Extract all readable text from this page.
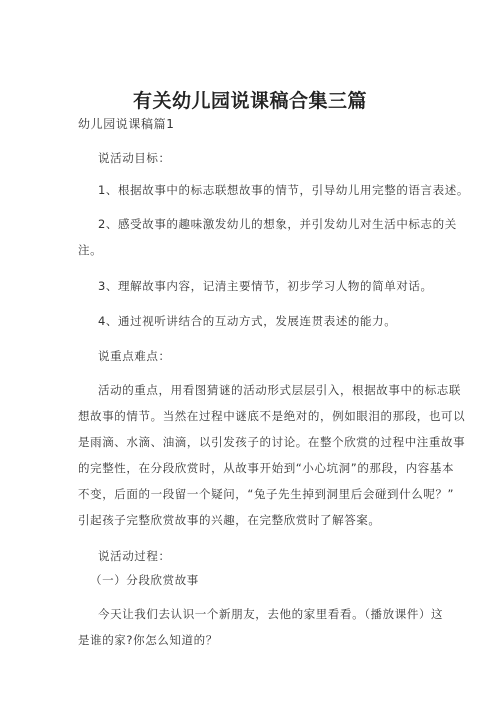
有关幼儿园说课稿合集三篇
幼儿园说课稿篇1
说活动目标：
1、根据故事中的标志联想故事的情节，引导幼儿用完整的语言表述。
2、感受故事的趣味激发幼儿的想象，并引发幼儿对生活中标志的关
注。
3、理解故事内容，记清主要情节，初步学习人物的简单对话。
4、通过视听讲结合的互动方式，发展连贯表述的能力。
说重点难点：
活动的重点，用看图猜谜的活动形式层层引入，根据故事中的标志联
想故事的情节。当然在过程中谜底不是绝对的，例如眼泪的那段，也可以
是雨滴、水滴、油滴，以引发孩子的讨论。在整个欣赏的过程中注重故事
的完整性，在分段欣赏时，从故事开始到“小心坑洞”的那段，内容基本
不变，后面的一段留一个疑问，“兔子先生掉到洞里后会碰到什么呢？”
引起孩子完整欣赏故事的兴趣，在完整欣赏时了解答案。
说活动过程：
（一）分段欣赏故事
今天让我们去认识一个新朋友，去他的家里看看。（播放课件）这
是谁的家?你怎么知道的？
